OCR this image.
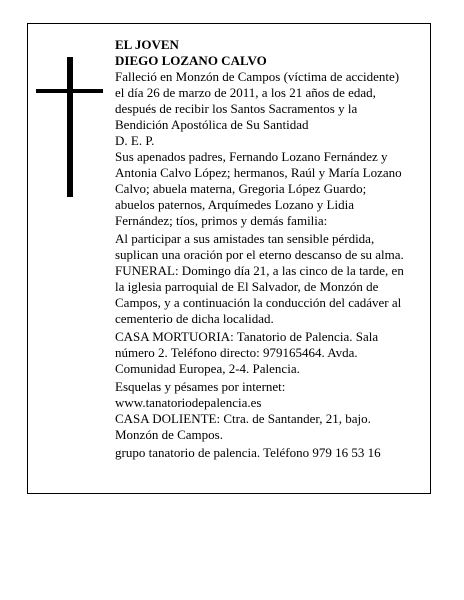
EL JOVEN

DIEGO LOZANO CALVO

Falleció en Monzón de Campos (víctima de accidente)

el día 26 de marzo de 2011, a los 21 años de edad,

después de recibir los Santos Sacramentos y la

Bendición Apostólica de Su Santidad

D. E. P.

Sus apenados padres, Fernando Lozano Fernández y

Antonia Calvo López; hermanos, Raúl y María Lozano

Calvo; abuela materna, Gregoria López Guardo;

abuelos paternos, Arquímedes Lozano y Lidia

Fernández; tíos, primos y demás familia:

Al participar a sus amistades tan sensible pérdida,

suplican una oración por el eterno descanso de su alma.

FUNERAL: Domingo día 21, a las cinco de la tarde, en

la iglesia parroquial de El Salvador, de Monzón de

Campos, y a continuación la conducción del cadáver al

cementerio de dicha localidad.

CASA MORTUORIA: Tanatorio de Palencia. Sala

número 2. Teléfono directo: 979165464. Avda.

Comunidad Europea, 2-4. Palencia.

Esquelas y pésames por internet:

www.tanatoriodepalencia.es

CASA DOLIENTE: Ctra. de Santander, 21, bajo.

Monzón de Campos.

grupo tanatorio de palencia. Teléfono 979 16 53 16
